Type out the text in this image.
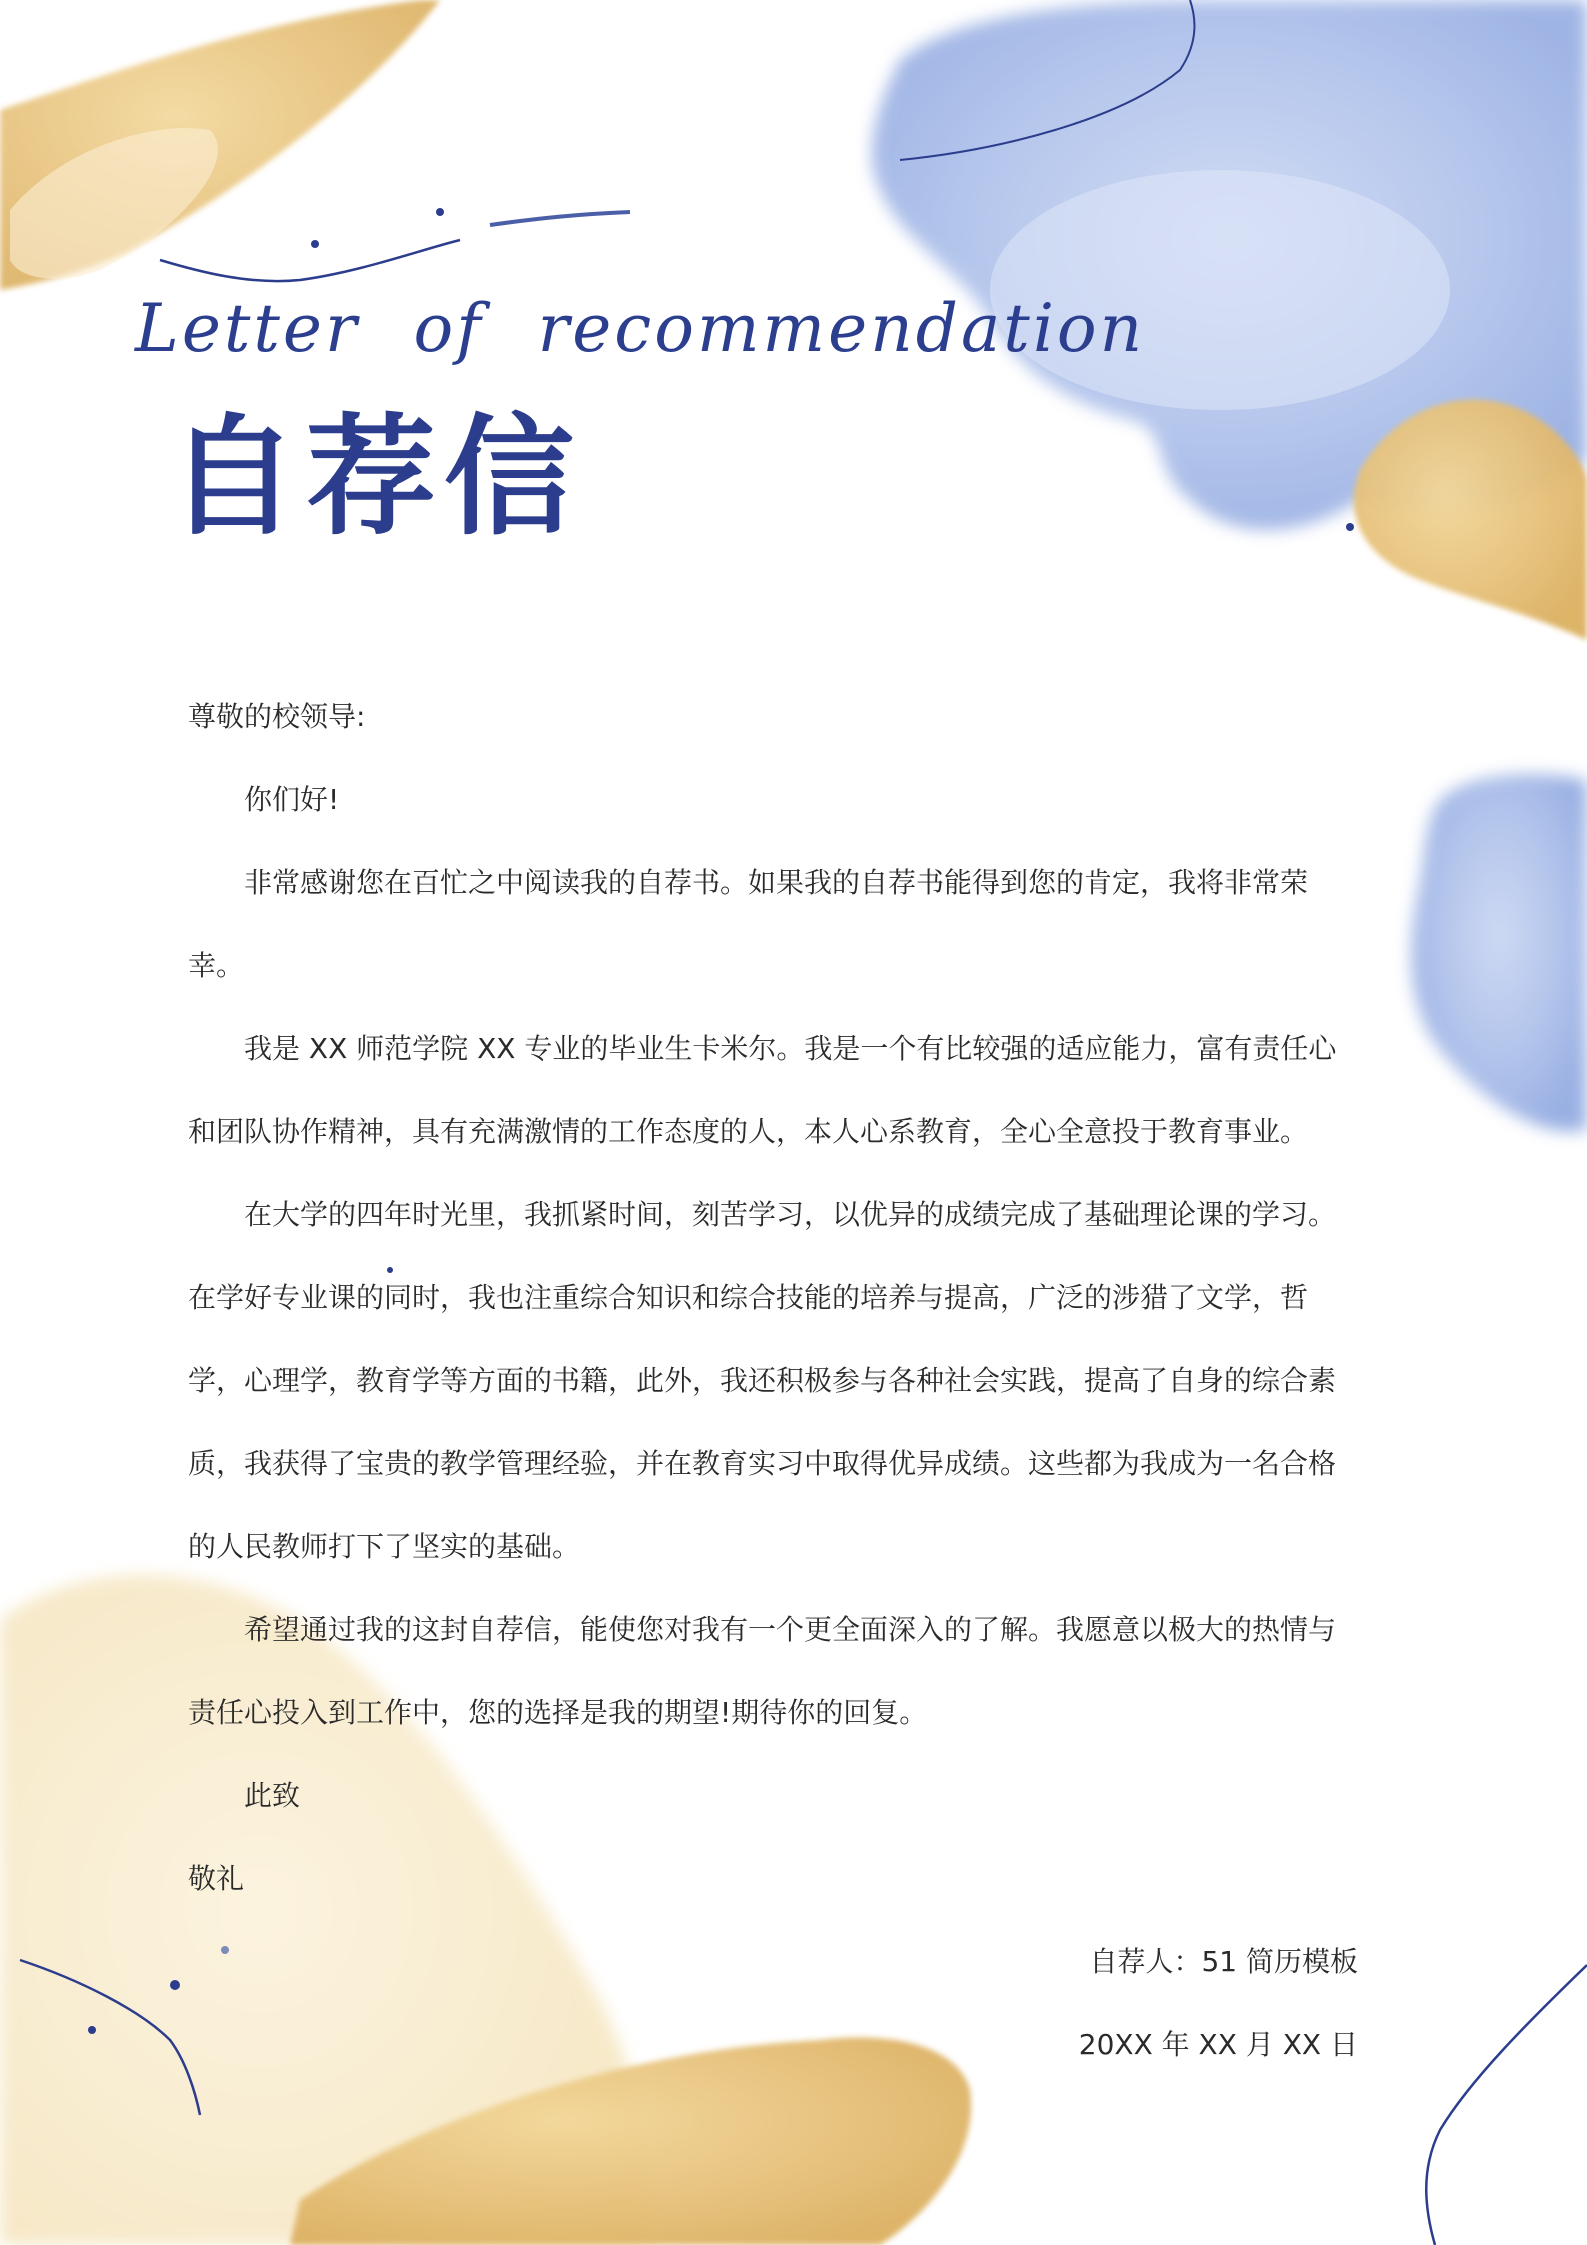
Letter of recommendation
自荐信

尊敬的校领导:

你们好!

非常感谢您在百忙之中阅读我的自荐书。如果我的自荐书能得到您的肯定，我将非常荣幸。

我是 XX 师范学院 XX 专业的毕业生卡米尔。我是一个有比较强的适应能力，富有责任心和团队协作精神，具有充满激情的工作态度的人，本人心系教育，全心全意投于教育事业。

在大学的四年时光里，我抓紧时间，刻苦学习，以优异的成绩完成了基础理论课的学习。在学好专业课的同时，我也注重综合知识和综合技能的培养与提高，广泛的涉猎了文学，哲学，心理学，教育学等方面的书籍，此外，我还积极参与各种社会实践，提高了自身的综合素质，我获得了宝贵的教学管理经验，并在教育实习中取得优异成绩。这些都为我成为一名合格的人民教师打下了坚实的基础。

希望通过我的这封自荐信，能使您对我有一个更全面深入的了解。我愿意以极大的热情与责任心投入到工作中，您的选择是我的期望!期待你的回复。

此致

敬礼

自荐人：51 简历模板

20XX 年 XX 月 XX 日
